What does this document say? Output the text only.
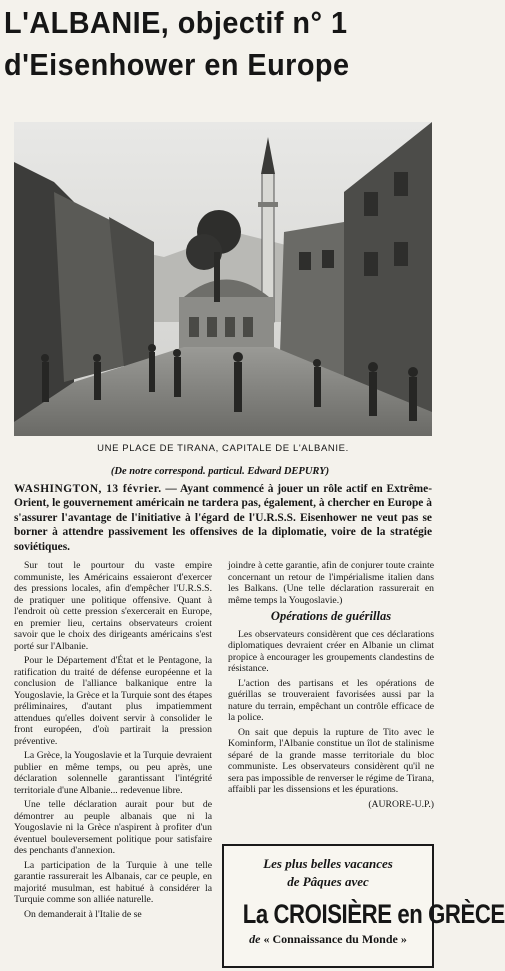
L'ALBANIE, objectif n° 1
d'Eisenhower en Europe
UNE PLACE DE TIRANA, CAPITALE DE L'ALBANIE.
(De notre correspond. particul. Edward DEPURY)
WASHINGTON, 13 février. — Ayant commencé à jouer un rôle actif en Extrême-Orient, le gouvernement américain ne tardera pas, également, à chercher en Europe à s'assurer l'avantage de l'initiative à l'égard de l'U.R.S.S. Eisenhower ne veut pas se borner à attendre passivement les offensives de la diplomatie, voire de la stratégie soviétiques.

Sur tout le pourtour du vaste empire communiste, les Américains essaieront d'exercer des pressions locales, afin d'empêcher l'U.R.S.S. de pratiquer une politique offensive. Quant à l'endroit où cette pression s'exercerait en Europe, en premier lieu, certains observateurs croient savoir que le choix des dirigeants américains s'est porté sur l'Albanie.

Pour le Département d'État et le Pentagone, la ratification du traité de défense européenne et la conclusion de l'alliance balkanique entre la Yougoslavie, la Grèce et la Turquie sont des étapes préliminaires, d'autant plus impatiemment attendues qu'elles doivent servir à consolider le front européen, d'où partirait la pression préventive.

La Grèce, la Yougoslavie et la Turquie devraient publier en même temps, ou peu après, une déclaration solennelle garantissant l'intégrité territoriale d'une Albanie... redevenue libre.

Une telle déclaration aurait pour but de démontrer au peuple albanais que ni la Yougoslavie ni la Grèce n'aspirent à profiter d'un éventuel bouleversement politique pour satisfaire des penchants d'annexion.

La participation de la Turquie à une telle garantie rassurerait les Albanais, car ce peuple, en majorité musulman, est habitué à considérer la Turquie comme son alliée naturelle.

On demanderait à l'Italie de se

joindre à cette garantie, afin de conjurer toute crainte concernant un retour de l'impérialisme italien dans les Balkans. (Une telle déclaration rassurerait en même temps la Yougoslavie.)

Opérations de guérillas

Les observateurs considèrent que ces déclarations diplomatiques devraient créer en Albanie un climat propice à encourager les groupements clandestins de résistance.

L'action des partisans et les opérations de guérillas se trouveraient favorisées aussi par la nature du terrain, empêchant un contrôle efficace de la police.

On sait que depuis la rupture de Tito avec le Kominform, l'Albanie constitue un îlot de stalinisme séparé de la grande masse territoriale du bloc communiste. Les observateurs considèrent qu'il ne sera pas impossible de renverser le régime de Tirana, affaibli par les dissensions et les épurations.

(AURORE-U.P.)
Les plus belles vacances
de Pâques avec
La CROISIÈRE en GRÈCE
de « Connaissance du Monde »
